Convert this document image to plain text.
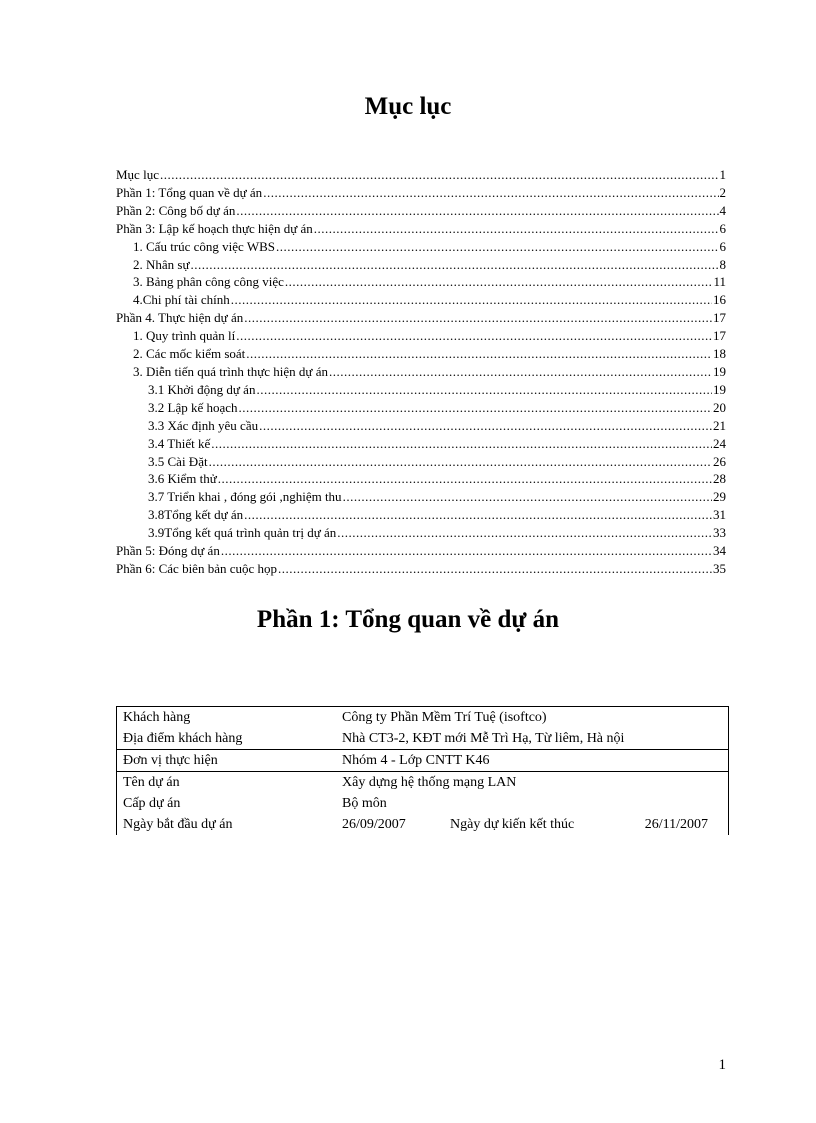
Mục lục
Mục lục .....	1
Phần 1: Tổng quan về dự án .....	2
Phần 2: Công bố dự án .....	4
Phần 3: Lập kế hoạch thực hiện dự án .....	6
1. Cấu trúc công việc WBS .....	6
2. Nhân sự .....	8
3. Bảng phân công công việc .....	11
4.Chi phí tài chính .....	16
Phần 4. Thực hiện dự án .....	17
1. Quy trình quản lí .....	17
2. Các mốc kiểm soát .....	18
3. Diễn tiến quá trình thực hiện dự án .....	19
3.1 Khởi động dự án .....	19
3.2 Lập kế hoạch .....	20
3.3 Xác định yêu cầu .....	21
3.4 Thiết kế .....	24
3.5 Cài Đặt .....	26
3.6 Kiểm thử .....	28
3.7 Triển khai , đóng gói ,nghiệm thu .....	29
3.8Tổng kết dự án .....	31
3.9Tổng kết quá trình quản trị dự án .....	33
Phần 5: Đóng dự án .....	34
Phần 6: Các biên bản cuộc họp .....	35
Phần 1: Tổng quan về dự án
Khách hàng	Công ty Phần Mềm Trí Tuệ (isoftco)
Địa điểm khách hàng	Nhà CT3-2, KĐT mới Mễ Trì Hạ, Từ liêm, Hà nội
Đơn vị thực hiện	Nhóm 4 - Lớp CNTT K46
Tên dự án	Xây dựng hệ thống mạng LAN
Cấp dự án	Bộ môn
Ngày bắt đầu dự án	26/09/2007	Ngày dự kiến kết thúc	26/11/2007
1
